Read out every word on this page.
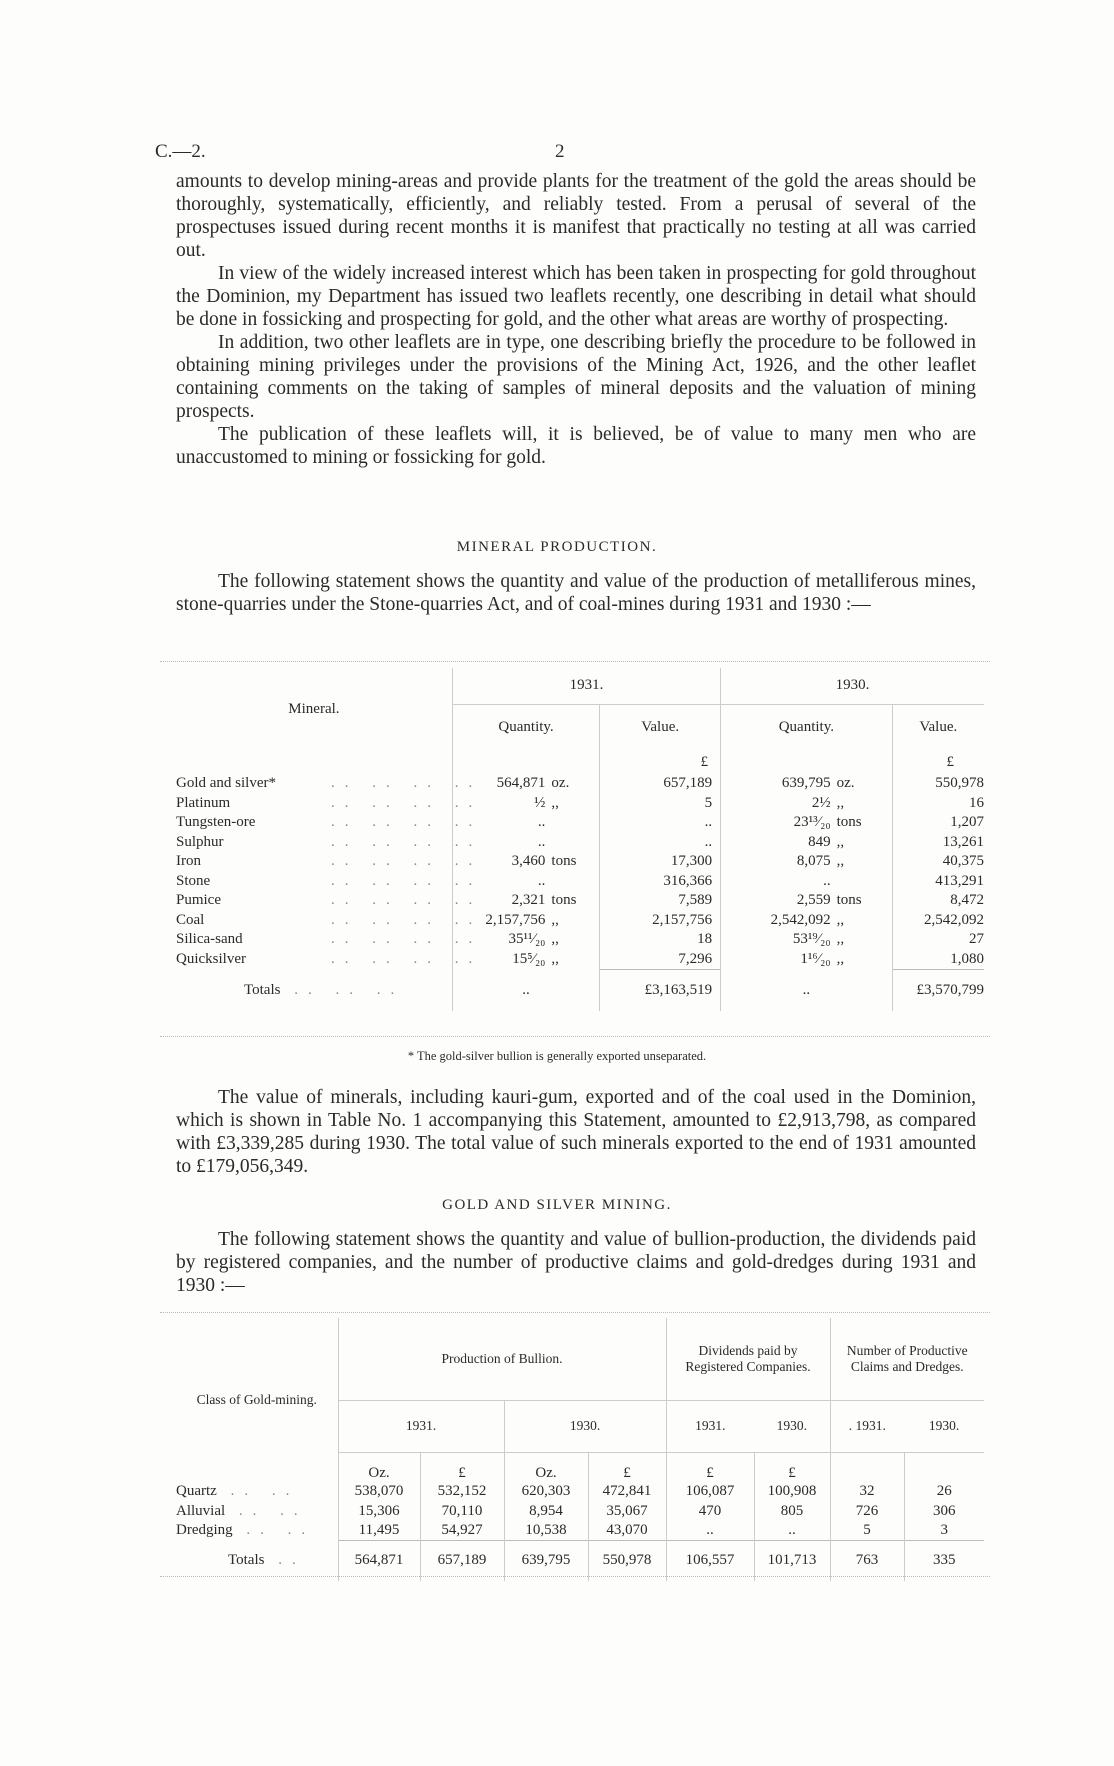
C.—2.	2

amounts to develop mining-areas and provide plants for the treatment of the gold the areas should be thoroughly, systematically, efficiently, and reliably tested. From a perusal of several of the prospectuses issued during recent months it is manifest that practically no testing at all was carried out.

In view of the widely increased interest which has been taken in prospecting for gold throughout the Dominion, my Department has issued two leaflets recently, one describing in detail what should be done in fossicking and prospecting for gold, and the other what areas are worthy of prospecting.

In addition, two other leaflets are in type, one describing briefly the procedure to be followed in obtaining mining privileges under the provisions of the Mining Act, 1926, and the other leaflet containing comments on the taking of samples of mineral deposits and the valuation of mining prospects.

The publication of these leaflets will, it is believed, be of value to many men who are unaccustomed to mining or fossicking for gold.

MINERAL PRODUCTION.

The following statement shows the quantity and value of the production of metalliferous mines, stone-quarries under the Stone-quarries Act, and of coal-mines during 1931 and 1930 :—

Mineral.	1931.			1930.		
	Quantity.		Value.	Quantity.		Value.
			£			£
Gold and silver* .. .. .. ..	564,871	oz.	657,189	639,795	oz.	550,978
Platinum .. .. .. ..	½	,,	5	2½	,,	16
Tungsten-ore .. .. .. ..	..		..	23¹³⁄₂₀	tons	1,207
Sulphur .. .. .. ..	..		..	849	,,	13,261
Iron .. .. .. ..	3,460	tons	17,300	8,075	,,	40,375
Stone .. .. .. ..	..		316,366	..		413,291
Pumice .. .. .. ..	2,321	tons	7,589	2,559	tons	8,472
Coal .. .. .. ..	2,157,756	,,	2,157,756	2,542,092	,,	2,542,092
Silica-sand .. .. .. ..	35¹¹⁄₂₀	,,	18	53¹⁹⁄₂₀	,,	27
Quicksilver .. .. .. ..	15⁵⁄₂₀	,,	7,296	1¹⁶⁄₂₀	,,	1,080
Totals .. .. ..	..		£3,163,519	..		£3,570,799
* The gold-silver bullion is generally exported unseparated.

The value of minerals, including kauri-gum, exported and of the coal used in the Dominion, which is shown in Table No. 1 accompanying this Statement, amounted to £2,913,798, as compared with £3,339,285 during 1930. The total value of such minerals exported to the end of 1931 amounted to £179,056,349.

GOLD AND SILVER MINING.

The following statement shows the quantity and value of bullion-production, the dividends paid by registered companies, and the number of productive claims and gold-dredges during 1931 and 1930 :—

Class of Gold-mining.	Production of Bullion.				Dividends paid by Registered Companies.		Number of Productive Claims and Dredges.	
	1931.		1930.		1931.	1930.	. 1931.	1930.
	Oz.	£	Oz.	£	£	£		
Quartz .. ..	538,070	532,152	620,303	472,841	106,087	100,908	32	26
Alluvial .. ..	15,306	70,110	8,954	35,067	470	805	726	306
Dredging .. ..	11,495	54,927	10,538	43,070	..	..	5	3
Totals ..	564,871	657,189	639,795	550,978	106,557	101,713	763	335
